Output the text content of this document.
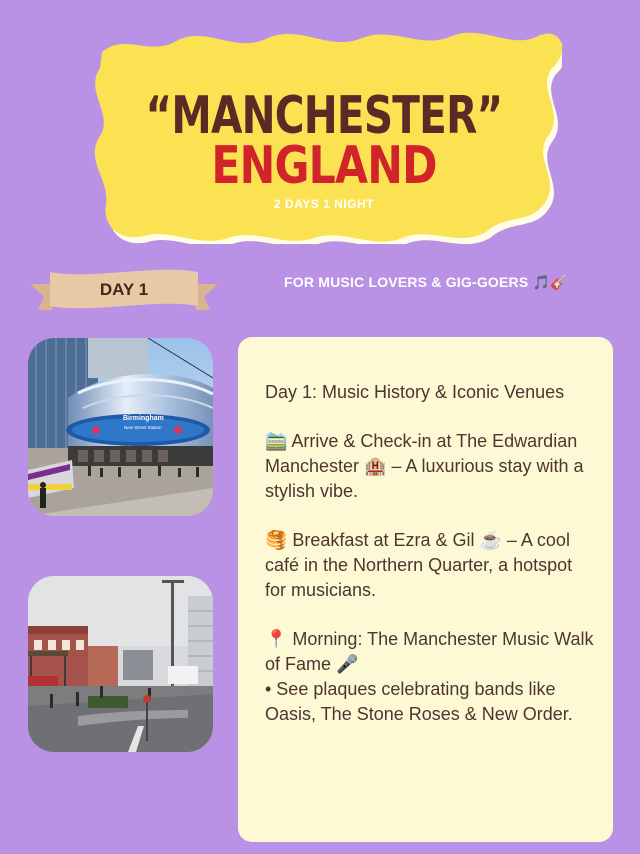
“MANCHESTER”
ENGLAND
2 DAYS 1 NIGHT
DAY 1	FOR MUSIC LOVERS & GIG-GOERS 🎵🎸
Birmingham
New Street Station

Day 1: Music History & Iconic Venues

🚞 Arrive & Check-in at The Edwardian Manchester 🏨 – A luxurious stay with a stylish vibe.

🥞 Breakfast at Ezra & Gil ☕ – A cool café in the Northern Quarter, a hotspot for musicians.

📍 Morning: The Manchester Music Walk of Fame 🎤

• See plaques celebrating bands like Oasis, The Stone Roses & New Order.
